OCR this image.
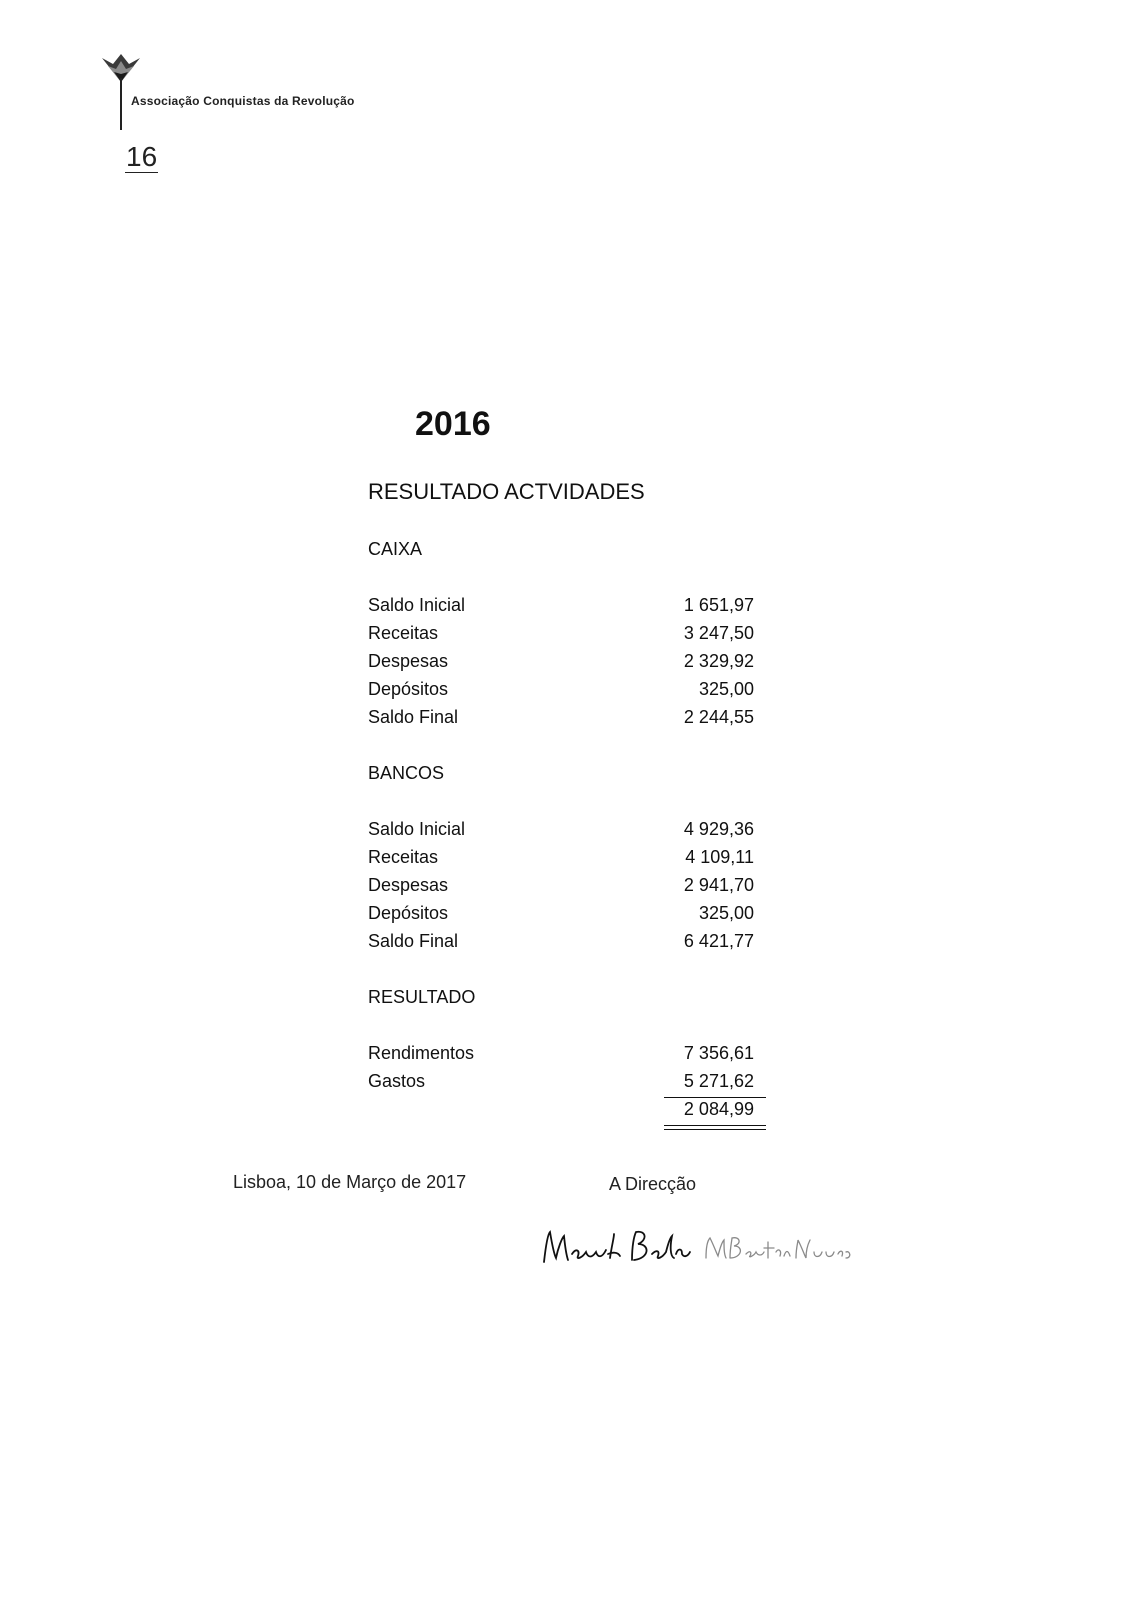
Associação Conquistas da Revolução
16
2016
RESULTADO ACTVIDADES
CAIXA
Saldo Inicial	1 651,97
Receitas	3 247,50
Despesas	2 329,92
Depósitos	325,00
Saldo Final	2 244,55
BANCOS
Saldo Inicial	4 929,36
Receitas	4 109,11
Despesas	2 941,70
Depósitos	325,00
Saldo Final	6 421,77
RESULTADO
Rendimentos	7 356,61
Gastos	5 271,62
2 084,99
Lisboa, 10 de Março de 2017	A Direcção
